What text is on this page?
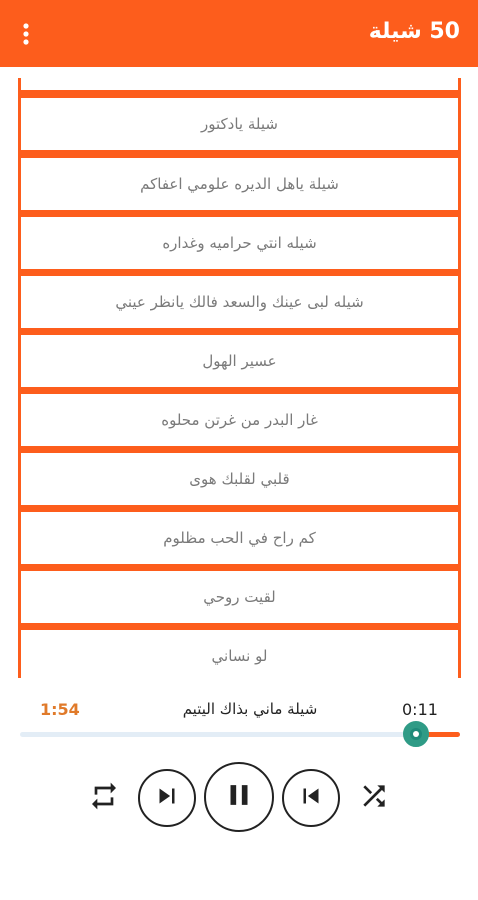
50 شيلة
شيلة يادكتور
شيلة ياهل الديره علومي اعفاكم
شيله انتي حراميه وغداره
شيله لبى عينك والسعد فالك يانظر عيني
عسير الهول
غار البدر من غرتن محلوه
قلبي لقلبك هوى
كم راح في الحب مظلوم
لقيت روحي
لو نساني
1:54	شيلة ماني بذاك اليتيم	0:11
